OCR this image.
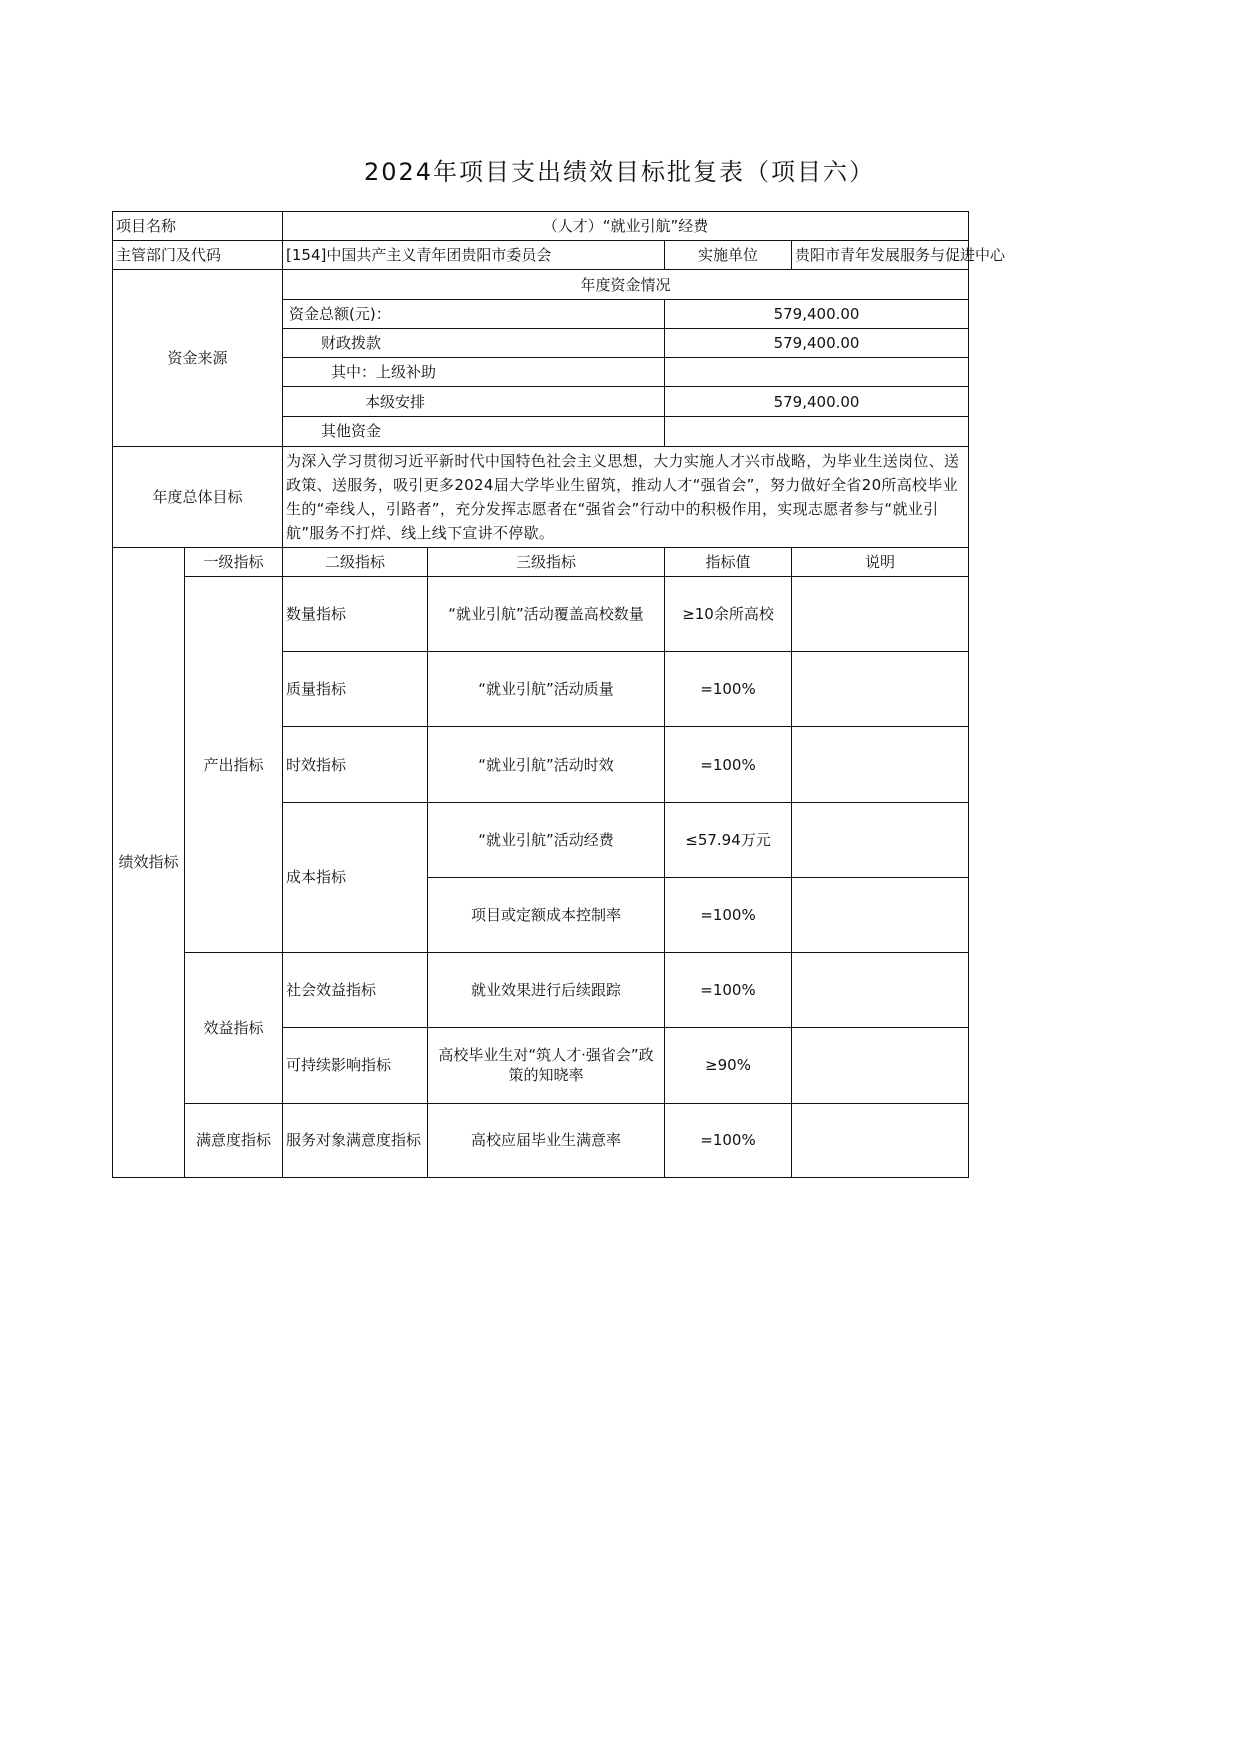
2024年项目支出绩效目标批复表（项目六）
项目名称		（人才）“就业引航”经费			
主管部门及代码		[154]中国共产主义青年团贵阳市委员会		实施单位	贵阳市青年发展服务与促进中心
资金来源		年度资金情况			
		资金总额(元)：		579,400.00	
		财政拨款		579,400.00	
		其中：上级补助			
		本级安排		579,400.00	
		其他资金			
年度总体目标		为深入学习贯彻习近平新时代中国特色社会主义思想，大力实施人才兴市战略，为毕业生送岗位、送政策、送服务，吸引更多2024届大学毕业生留筑，推动人才“强省会”，努力做好全省20所高校毕业生的“牵线人，引路者”，充分发挥志愿者在“强省会”行动中的积极作用，实现志愿者参与“就业引航”服务不打烊、线上线下宣讲不停歇。			
绩效指标	一级指标	二级指标	三级指标	指标值	说明
	产出指标	数量指标	“就业引航”活动覆盖高校数量	≥10余所高校	
		质量指标	“就业引航”活动质量	=100%	
		时效指标	“就业引航”活动时效	=100%	
		成本指标	“就业引航”活动经费	≤57.94万元	
			项目或定额成本控制率	=100%	
	效益指标	社会效益指标	就业效果进行后续跟踪	=100%	
		可持续影响指标	高校毕业生对“筑人才·强省会”政策的知晓率	≥90%	
	满意度指标	服务对象满意度指标	高校应届毕业生满意率	=100%	
